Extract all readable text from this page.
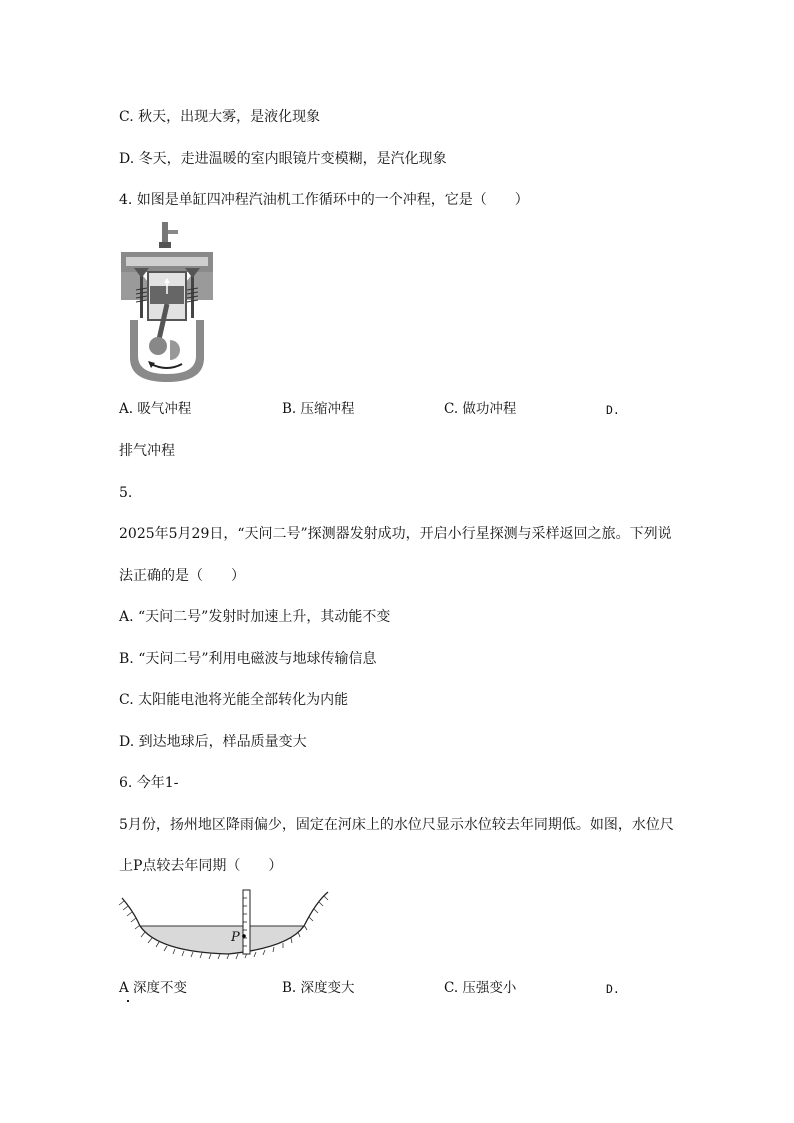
C. 秋天，出现大雾，是液化现象
D. 冬天，走进温暖的室内眼镜片变模糊，是汽化现象
4. 如图是单缸四冲程汽油机工作循环中的一个冲程，它是（　　）
A. 吸气冲程	B. 压缩冲程	C. 做功冲程	D.
排气冲程
5.
2025年5月29日，“天问二号”探测器发射成功，开启小行星探测与采样返回之旅。下列说
法正确的是（　　）
A. “天问二号”发射时加速上升，其动能不变
B. “天问二号”利用电磁波与地球传输信息
C. 太阳能电池将光能全部转化为内能
D. 到达地球后，样品质量变大
6. 今年1-
5月份，扬州地区降雨偏少，固定在河床上的水位尺显示水位较去年同期低。如图，水位尺
上P点较去年同期（　　）
P
A 深度不变	B. 深度变大	C. 压强变小	D.
